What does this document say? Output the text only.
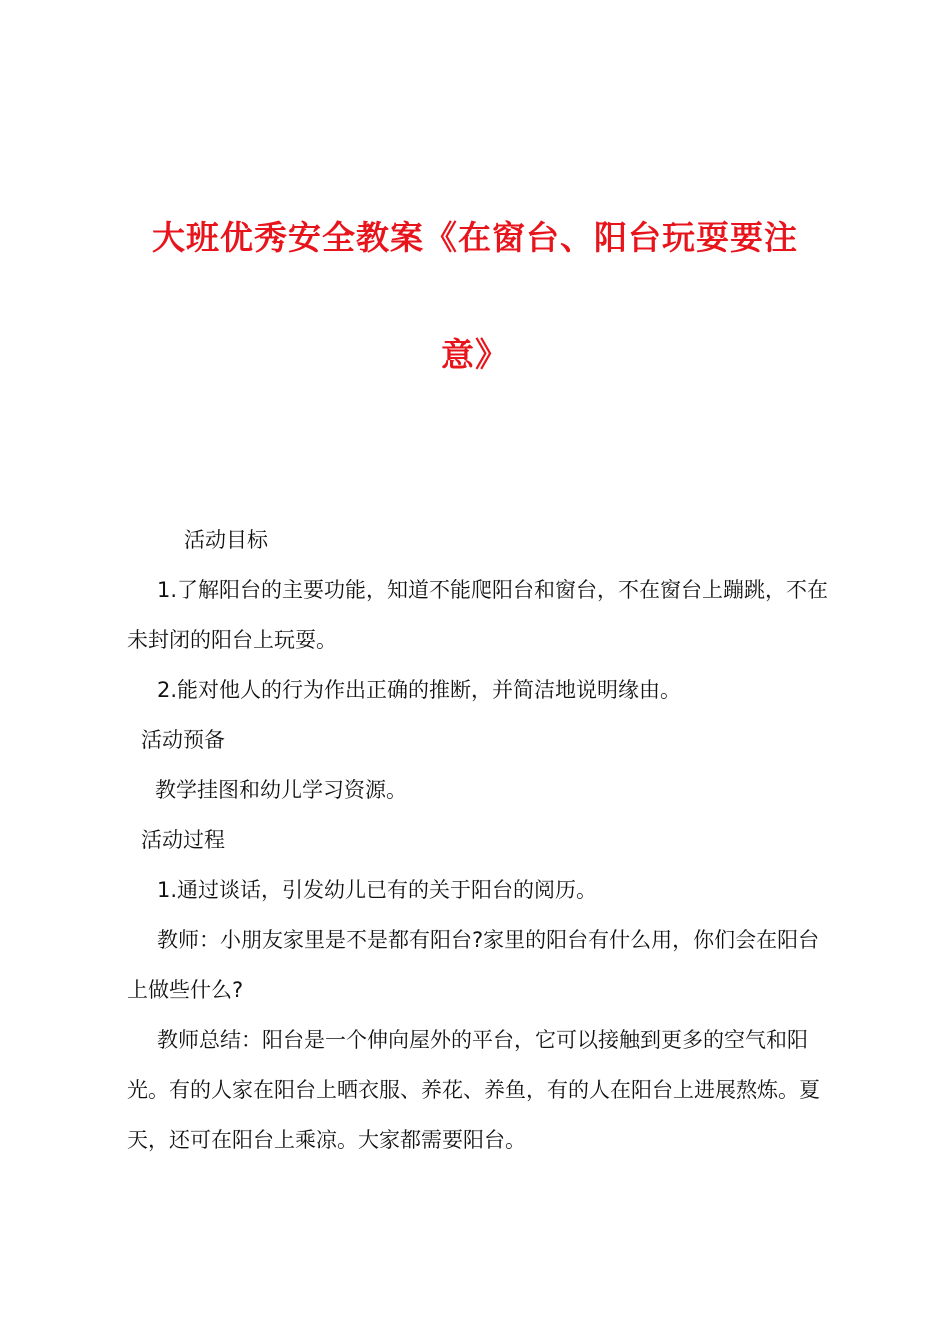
大班优秀安全教案《在窗台、阳台玩耍要注
意》

活动目标

1.了解阳台的主要功能，知道不能爬阳台和窗台，不在窗台上蹦跳，不在未封闭的阳台上玩耍。

2.能对他人的行为作出正确的推断，并简洁地说明缘由。

活动预备

教学挂图和幼儿学习资源。

活动过程

1.通过谈话，引发幼儿已有的关于阳台的阅历。

教师：小朋友家里是不是都有阳台?家里的阳台有什么用，你们会在阳台上做些什么?

教师总结：阳台是一个伸向屋外的平台，它可以接触到更多的空气和阳光。有的人家在阳台上晒衣服、养花、养鱼，有的人在阳台上进展熬炼。夏天，还可在阳台上乘凉。大家都需要阳台。
